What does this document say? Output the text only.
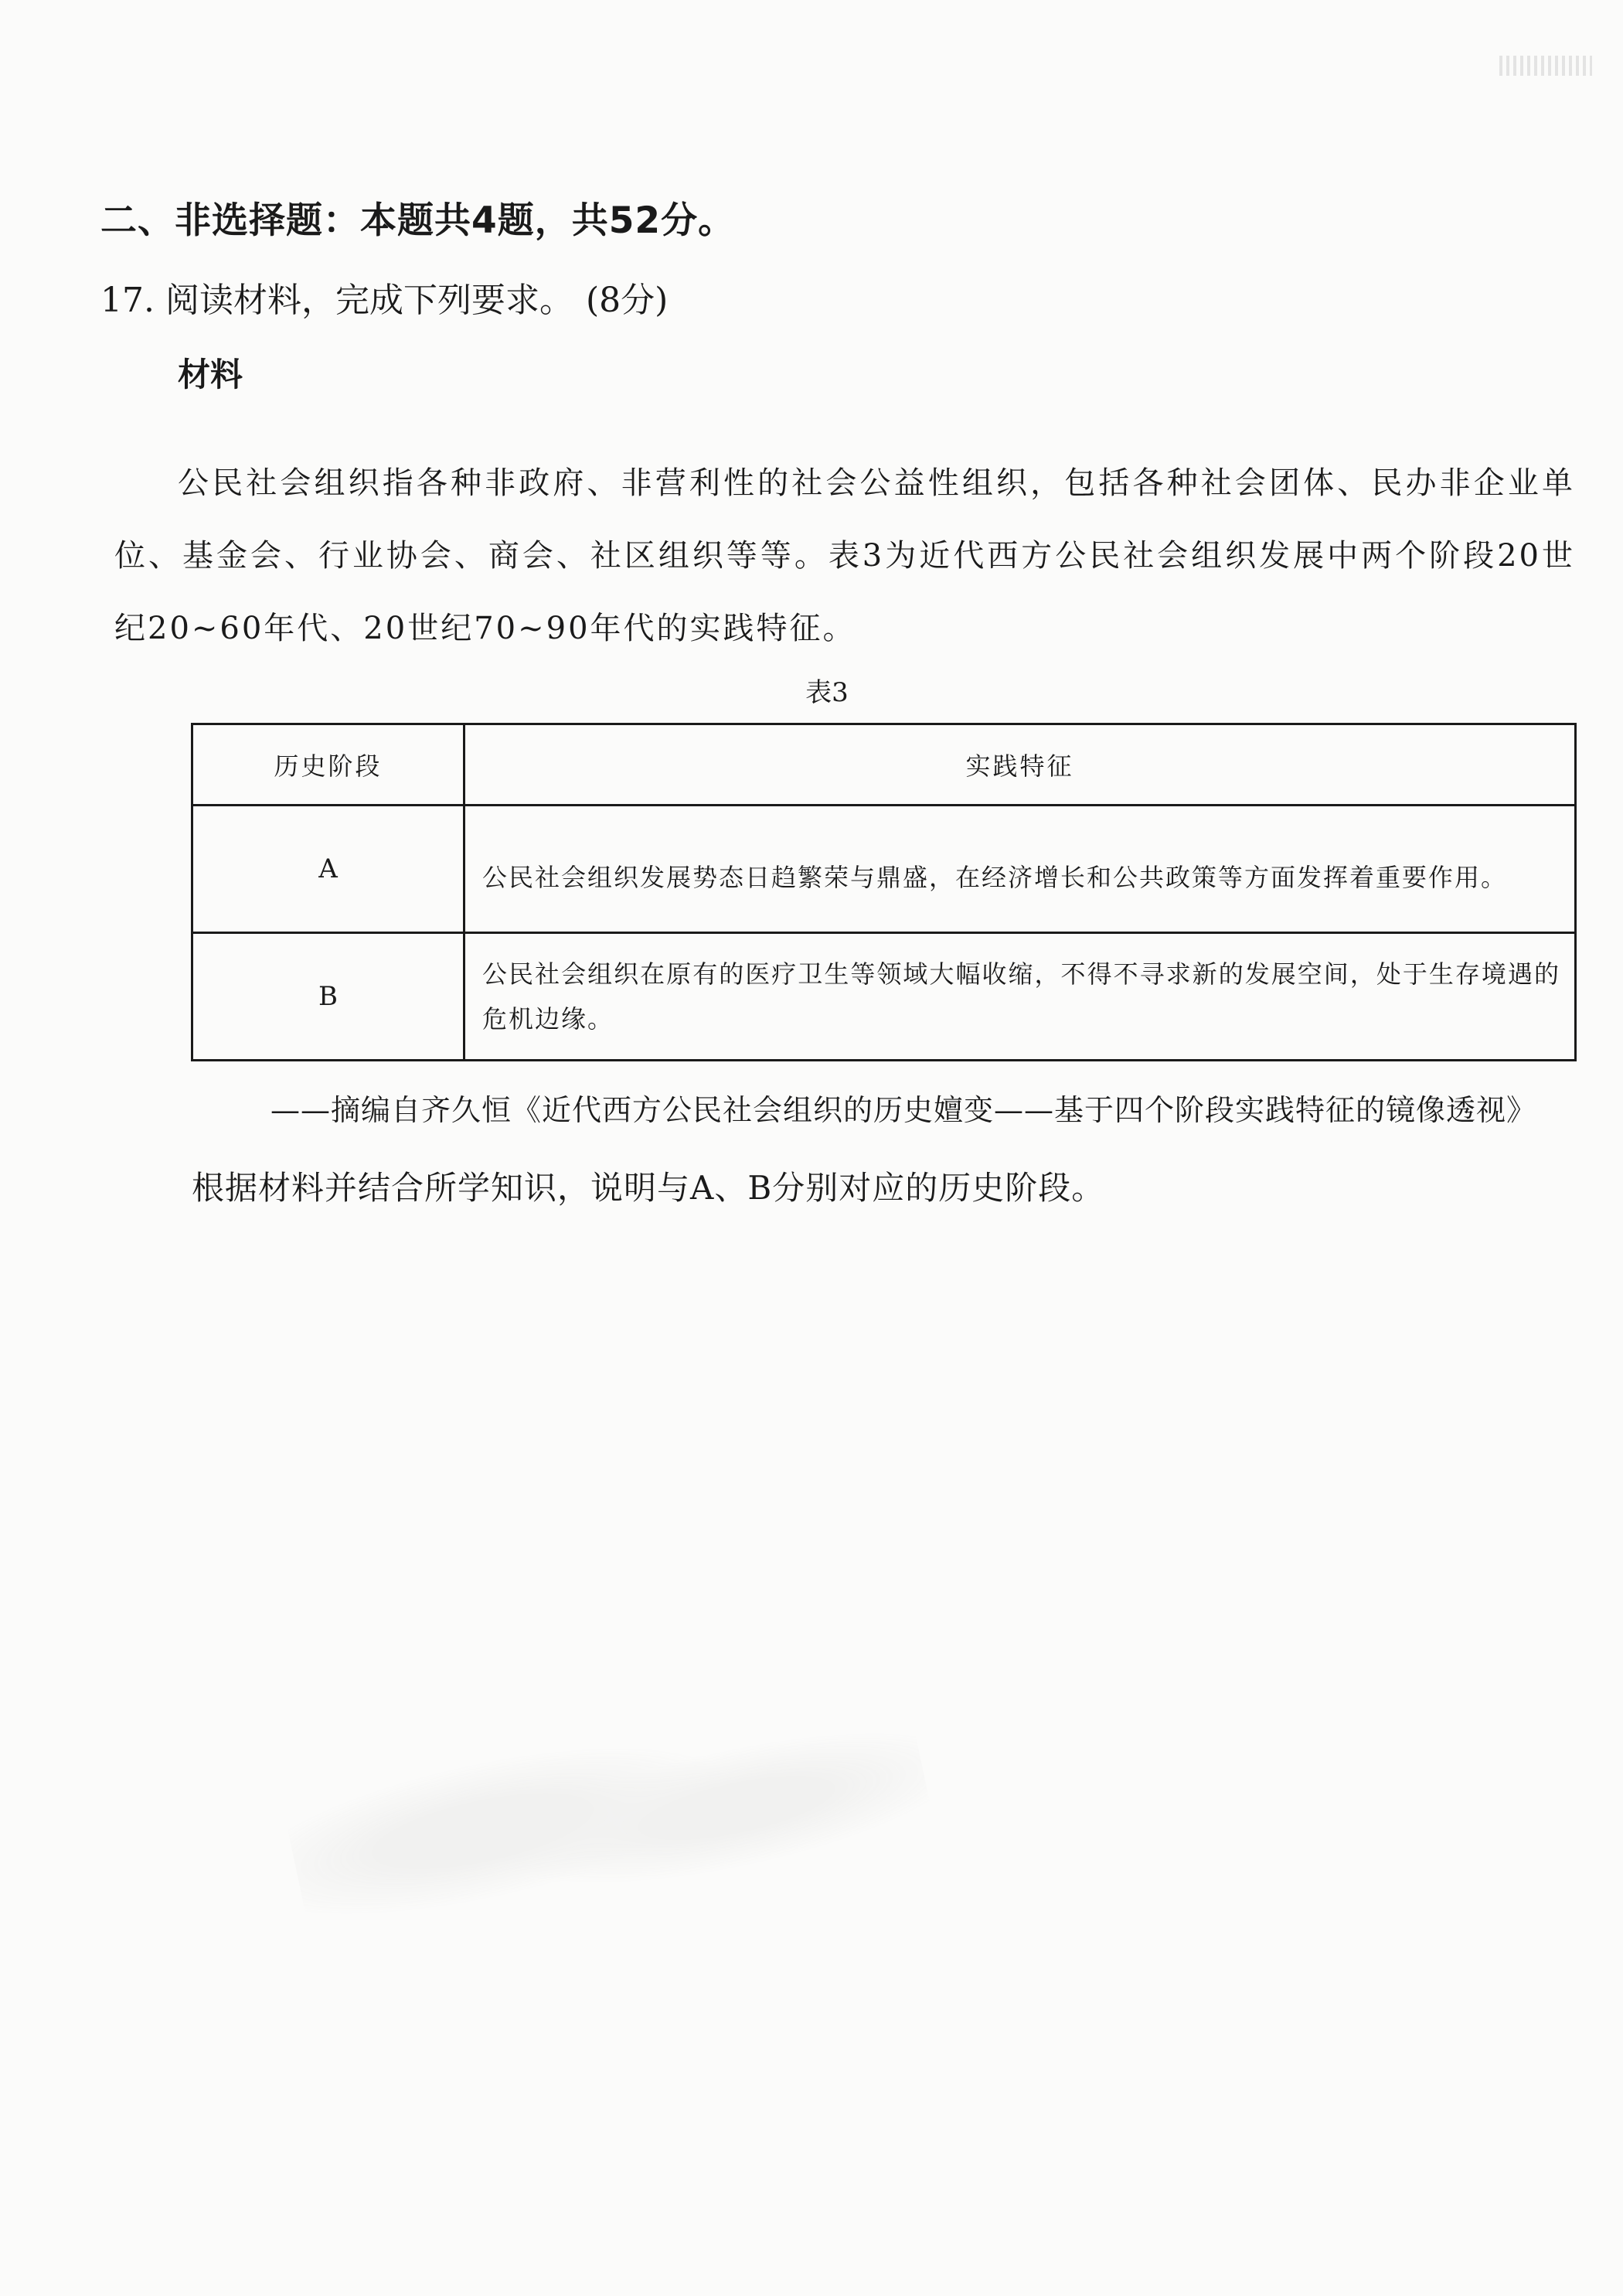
二、非选择题：本题共4题，共52分。
17. 阅读材料，完成下列要求。 (8分)
材料
公民社会组织指各种非政府、非营利性的社会公益性组织，包括各种社会团体、民办非企业单位、基金会、行业协会、商会、社区组织等等。表3为近代西方公民社会组织发展中两个阶段20世纪20~60年代、20世纪70~90年代的实践特征。
表3
历史阶段	实践特征
A	公民社会组织发展势态日趋繁荣与鼎盛，在经济增长和公共政策等方面发挥着重要作用。
B	公民社会组织在原有的医疗卫生等领域大幅收缩，不得不寻求新的发展空间，处于生存境遇的危机边缘。
——摘编自齐久恒《近代西方公民社会组织的历史嬗变——基于四个阶段实践特征的镜像透视》
根据材料并结合所学知识，说明与A、B分别对应的历史阶段。
